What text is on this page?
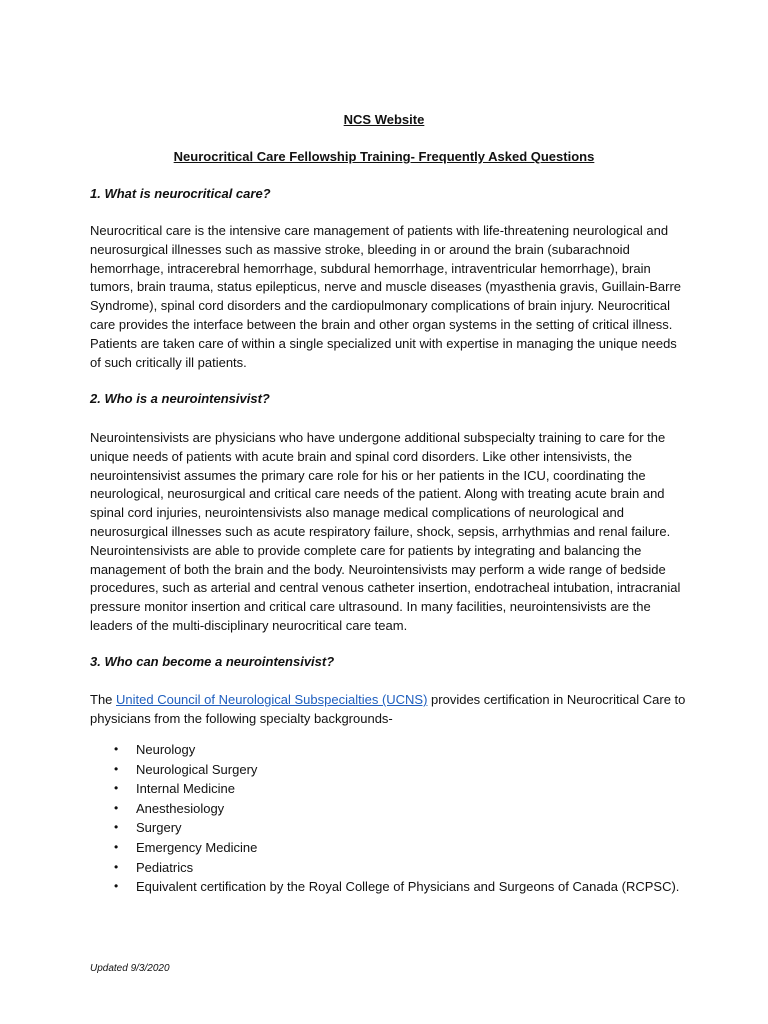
NCS Website
Neurocritical Care Fellowship Training- Frequently Asked Questions
1. What is neurocritical care?

Neurocritical care is the intensive care management of patients with life-threatening neurological and neurosurgical illnesses such as massive stroke, bleeding in or around the brain (subarachnoid hemorrhage, intracerebral hemorrhage, subdural hemorrhage, intraventricular hemorrhage), brain tumors, brain trauma, status epilepticus, nerve and muscle diseases (myasthenia gravis, Guillain-Barre Syndrome), spinal cord disorders and the cardiopulmonary complications of brain injury. Neurocritical care provides the interface between the brain and other organ systems in the setting of critical illness. Patients are taken care of within a single specialized unit with expertise in managing the unique needs of such critically ill patients.

2. Who is a neurointensivist?

Neurointensivists are physicians who have undergone additional subspecialty training to care for the unique needs of patients with acute brain and spinal cord disorders. Like other intensivists, the neurointensivist assumes the primary care role for his or her patients in the ICU, coordinating the neurological, neurosurgical and critical care needs of the patient. Along with treating acute brain and spinal cord injuries, neurointensivists also manage medical complications of neurological and neurosurgical illnesses such as acute respiratory failure, shock, sepsis, arrhythmias and renal failure. Neurointensivists are able to provide complete care for patients by integrating and balancing the management of both the brain and the body. Neurointensivists may perform a wide range of bedside procedures, such as arterial and central venous catheter insertion, endotracheal intubation, intracranial pressure monitor insertion and critical care ultrasound. In many facilities, neurointensivists are the leaders of the multi-disciplinary neurocritical care team.

3. Who can become a neurointensivist?

The United Council of Neurological Subspecialties (UCNS) provides certification in Neurocritical Care to physicians from the following specialty backgrounds-

• Neurology
• Neurological Surgery
• Internal Medicine
• Anesthesiology
• Surgery
• Emergency Medicine
• Pediatrics
• Equivalent certification by the Royal College of Physicians and Surgeons of Canada (RCPSC).
Updated 9/3/2020
